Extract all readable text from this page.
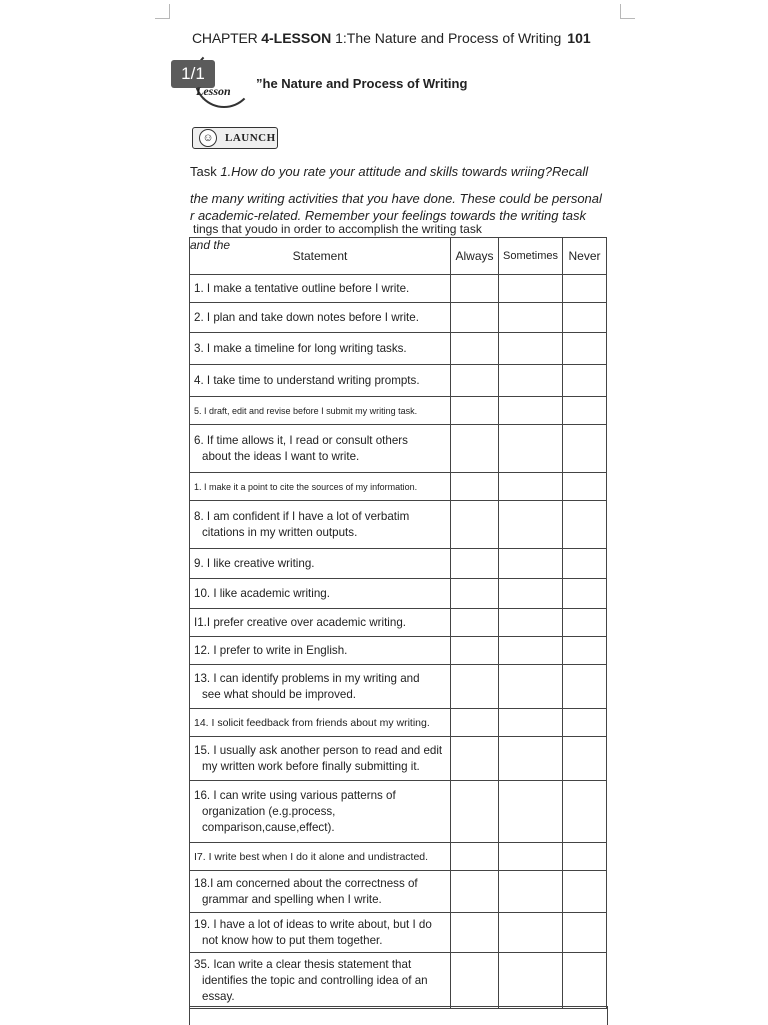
CHAPTER 4-LESSON 1:The Nature and Process of Writing 101
1/1
Lesson ”he Nature and Process of Writing
☺	LAUNCH

Task 1.How do you rate your attitude and skills towards wriing?Recall

the many writing activities that you have done. These could be personal

r academic-related. Remember your feelings towards the writing task
tings that youdo in order to accomplish the writing task
and the
Statement	Always	Sometimes	Never
1. I make a tentative outline before I write.			
2. I plan and take down notes before I write.			
3. I make a timeline for long writing tasks.			
4. I take time to understand writing prompts.			
5. I draft, edit and revise before I submit my writing task.			
6. If time allows it, I read or consult others
about the ideas I want to write.			

1. I make it a point to cite the sources of my information.			
8. I am confident if I have a lot of verbatim
citations in my written outputs.			

9. I like creative writing.			
10. I like academic writing.			
I1.I prefer creative over academic writing.			
12. I prefer to write in English.			
13. I can identify problems in my writing and
see what should be improved.			

14. I solicit feedback from friends about my writing.			
15. I usually ask another person to read and edit
my written work before finally submitting it.			

16. I can write using various patterns of
organization (e.g.process,
comparison,cause,effect).			

I7. I write best when I do it alone and undistracted.			
18.I am concerned about the correctness of
grammar and spelling when I write.			

19. I have a lot of ideas to write about, but I do
not know how to put them together.			

35. Ican write a clear thesis statement that
identifies the topic and controlling idea of an
essay.			
